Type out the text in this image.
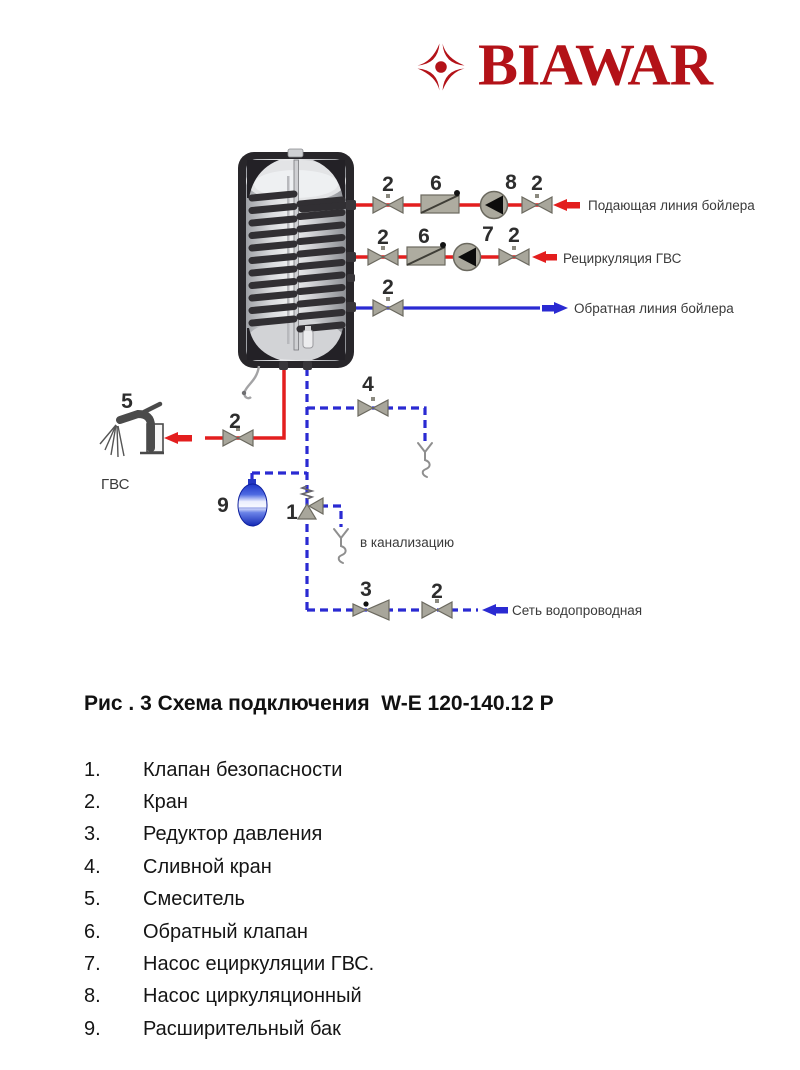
BIAWAR
Подающая линия бойлера
Рециркуляция ГВС
Обратная линия бойлера
ГВС
в канализацию
Сеть водопроводная
2 6	8 2
2 6 7 2
2
5
2
4
9	1
3	2
Рис . 3 Схема подключения  W-E 120-140.12 P
1.	Клапан безопасности
2.	Кран
3.	Редуктор давления
4.	Сливной кран
5.	Смеситель
6.	Обратный клапан
7.	Насос ециркуляции ГВС.
8.	Насос циркуляционный
9.	Расширительный бак
